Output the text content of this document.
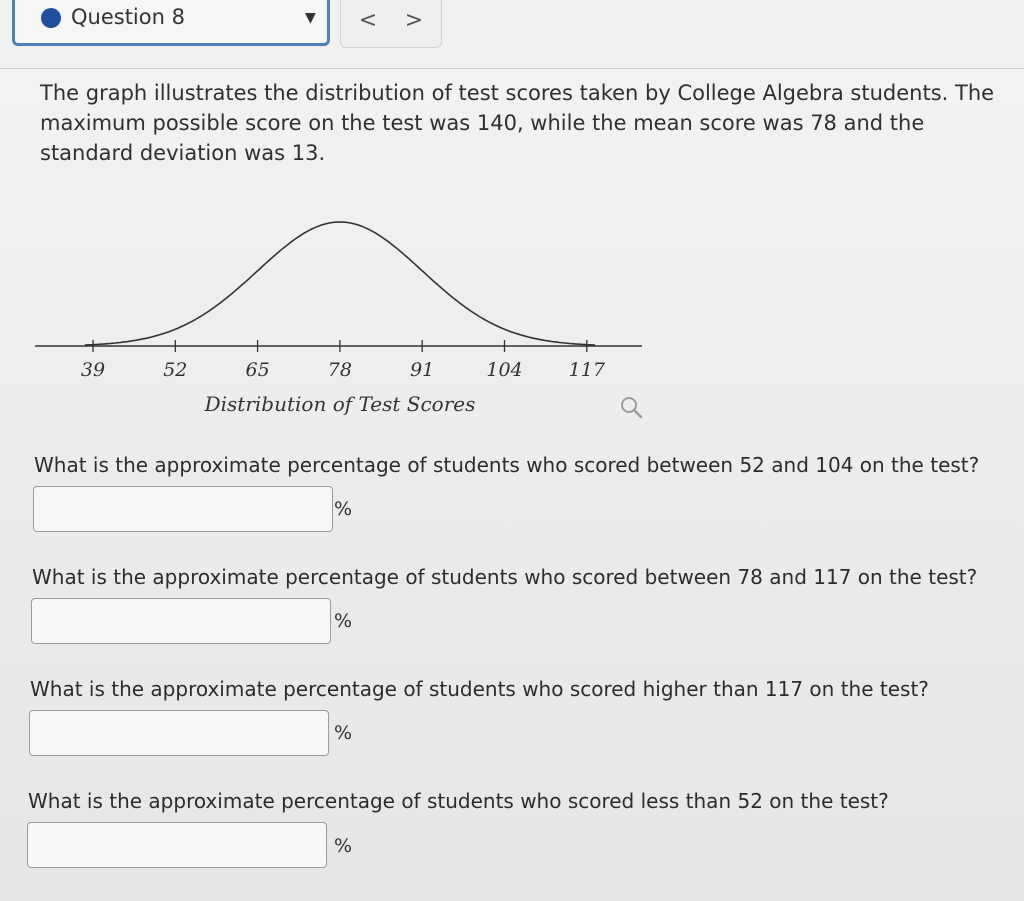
Question 8	▼	<	>

The graph illustrates the distribution of test scores taken by College Algebra students. The maximum possible score on the test was 140, while the mean score was 78 and the standard deviation was 13.

39	52	65	78	91	104 117
Distribution of Test Scores
What is the approximate percentage of students who scored between 52 and 104 on the test?
%
What is the approximate percentage of students who scored between 78 and 117 on the test?
%
What is the approximate percentage of students who scored higher than 117 on the test?
%
What is the approximate percentage of students who scored less than 52 on the test?
%
